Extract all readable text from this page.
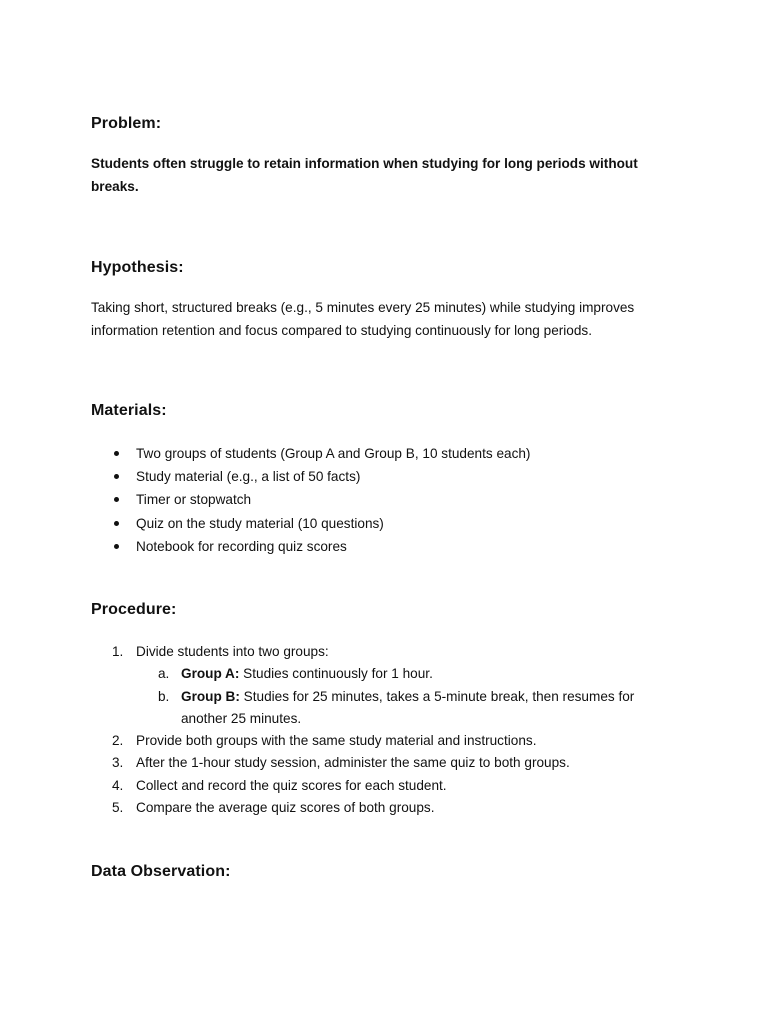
Problem:

Students often struggle to retain information when studying for long periods without breaks.

Hypothesis:

Taking short, structured breaks (e.g., 5 minutes every 25 minutes) while studying improves information retention and focus compared to studying continuously for long periods.

Materials:
Two groups of students (Group A and Group B, 10 students each)
Study material (e.g., a list of 50 facts)
Timer or stopwatch
Quiz on the study material (10 questions)
Notebook for recording quiz scores
Procedure:
1. Divide students into two groups:
a. Group A: Studies continuously for 1 hour.
b. Group B: Studies for 25 minutes, takes a 5-minute break, then resumes for another 25 minutes.
2. Provide both groups with the same study material and instructions.
3. After the 1-hour study session, administer the same quiz to both groups.
4. Collect and record the quiz scores for each student.
5. Compare the average quiz scores of both groups.
Data Observation:
